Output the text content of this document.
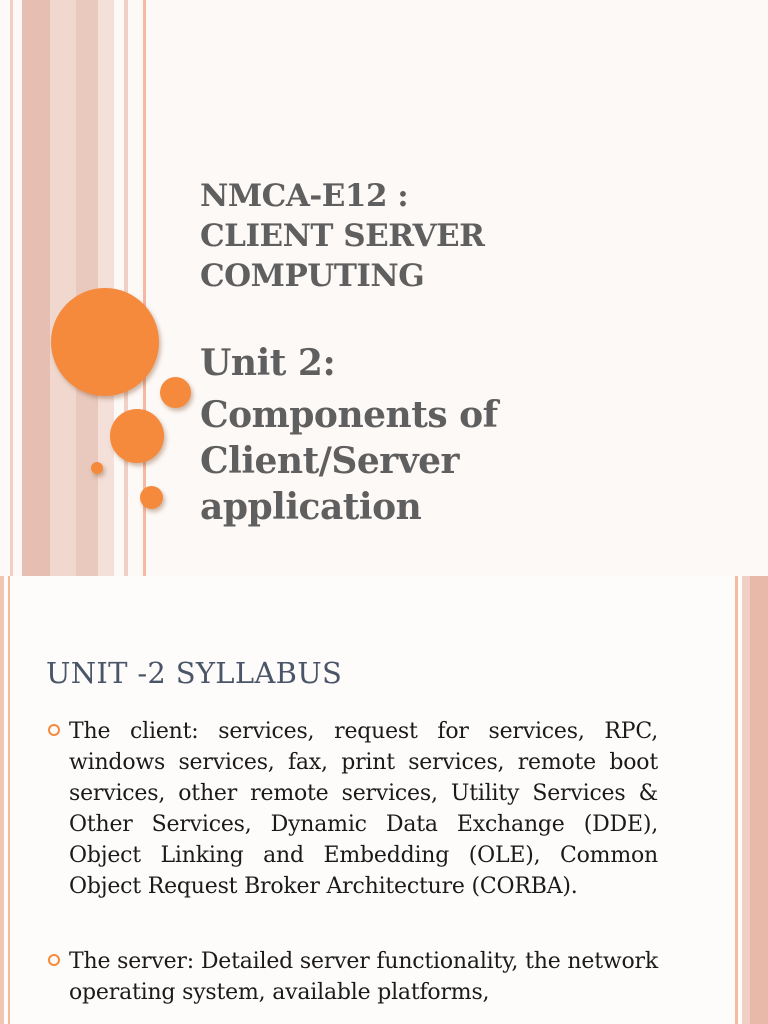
NMCA-E12 :
CLIENT SERVER
COMPUTING
Unit 2:
Components of
Client/Server
application
UNIT -2 SYLLABUS
The client: services, request for services, RPC, windows services, fax, print services, remote boot services, other remote services, Utility Services & Other Services, Dynamic Data Exchange (DDE), Object Linking and Embedding (OLE), Common Object Request Broker Architecture (CORBA).
The server: Detailed server functionality, the network operating system, available platforms,
